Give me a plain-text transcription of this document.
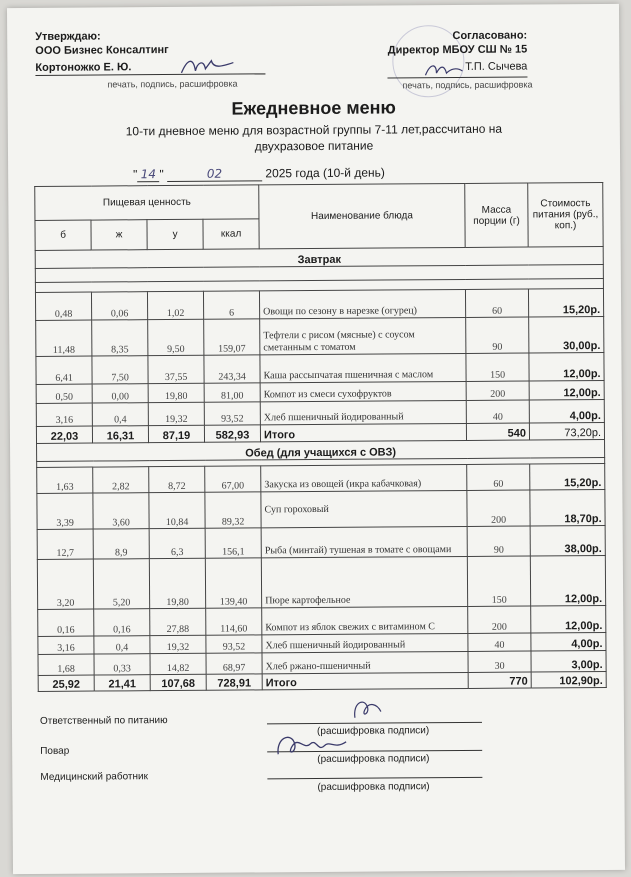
Утверждаю:
ООО Бизнес Консалтинг
Кортоножко Е. Ю.
печать, подпись, расшифровка
Согласовано:
Директор МБОУ СШ № 15
Т.П. Сычева
печать, подпись, расшифровка
Ежедневное меню
10-ти дневное меню для возрастной группы 7-11 лет,рассчитано на
двухразовое питание
" 14 "	02	2025 года (10-й день)
Пищевая ценность				Наименование блюда	Масса порции (г)	Стоимость питания (руб., коп.)
б	ж	у	ккал			
Завтрак						

0,48	0,06	1,02	6	Овощи по сезону в нарезке (огурец)	60	15,20р.
11,48	8,35	9,50	159,07	Тефтели с рисом (мясные) с соусом сметанным с томатом	90	30,00р.
6,41	7,50	37,55	243,34	Каша рассыпчатая пшеничная с маслом	150	12,00р.
0,50	0,00	19,80	81,00	Компот из смеси сухофруктов	200	12,00р.
3,16	0,4	19,32	93,52	Хлеб пшеничный йодированный	40	4,00р.
22,03	16,31	87,19	582,93	Итого	540	73,20р.
Обед (для учащихся с ОВЗ)						

1,63	2,82	8,72	67,00	Закуска из овощей (икра кабачковая)	60	15,20р.
3,39	3,60	10,84	89,32	Суп гороховый	200	18,70р.
12,7	8,9	6,3	156,1	Рыба (минтай) тушеная в томате с овощами	90	38,00р.
3,20	5,20	19,80	139,40	Пюре картофельное	150	12,00р.
0,16	0,16	27,88	114,60	Компот из яблок свежих с витамином С	200	12,00р.
3,16	0,4	19,32	93,52	Хлеб пшеничный йодированный	40	4,00р.
1,68	0,33	14,82	68,97	Хлеб ржано-пшеничный	30	3,00р.
25,92	21,41	107,68	728,91	Итого	770	102,90р.
Ответственный по питанию
(расшифровка подписи)
Повар
(расшифровка подписи)
Медицинский работник
(расшифровка подписи)
